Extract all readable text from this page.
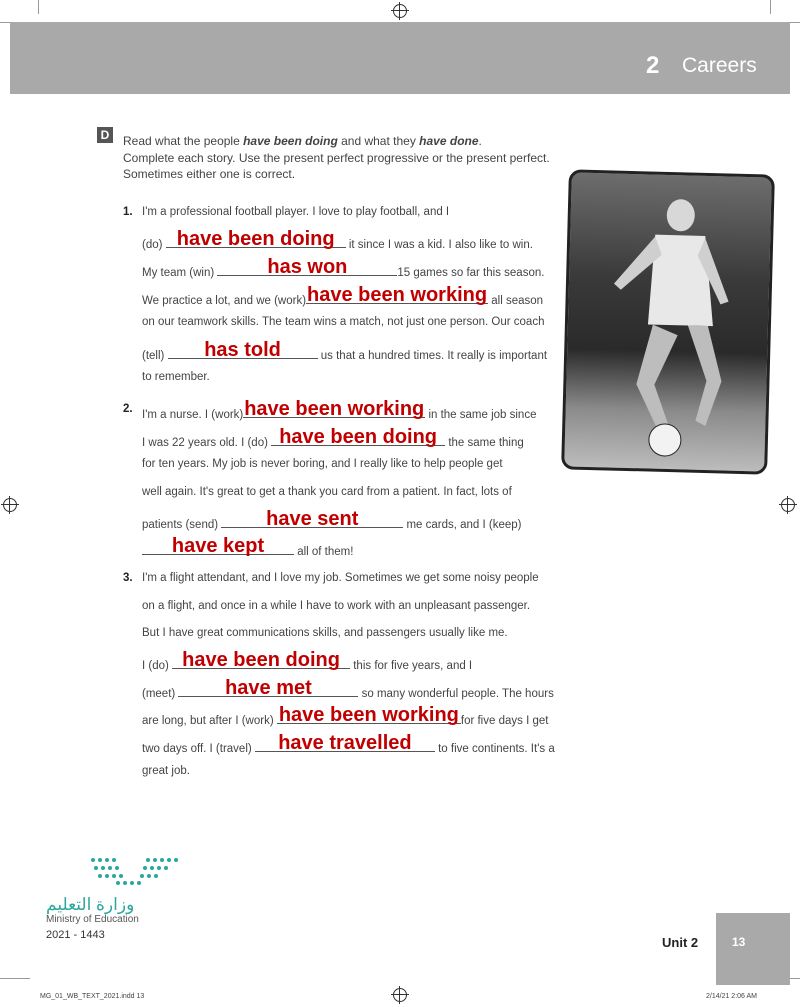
2 Careers
D	Read what the people have been doing and what they have done.
Complete each story. Use the present perfect progressive or the present perfect.
Sometimes either one is correct.
1. I'm a professional football player. I love to play football, and I
(do) have been doing it since I was a kid. I also like to win.
My team (win)	has won	15 games so far this season.
We practice a lot, and we (work) have been working all season
on our teamwork skills. The team wins a match, not just one person. Our coach
(tell)	has told	us that a hundred times. It really is important
to remember.
2. I'm a nurse. I (work) have been working in the same job since
I was 22 years old. I (do) have been doing the same thing
for ten years. My job is never boring, and I really like to help people get
well again. It's great to get a thank you card from a patient. In fact, lots of
patients (send)	have sent	me cards, and I (keep)
have kept	all of them!
3. I'm a flight attendant, and I love my job. Sometimes we get some noisy people
on a flight, and once in a while I have to work with an unpleasant passenger.
But I have great communications skills, and passengers usually like me.
I (do) have been doing this for five years, and I
(meet)	have met	so many wonderful people. The hours
are long, but after I (work) have been working for five days I get
two days off. I (travel)	have travelled	to five continents. It's a
great job.
وزارة التعليم
Ministry of Education
2021 - 1443	Unit 2	13
MG_01_WB_TEXT_2021.indd 13	2/14/21 2:06 AM
